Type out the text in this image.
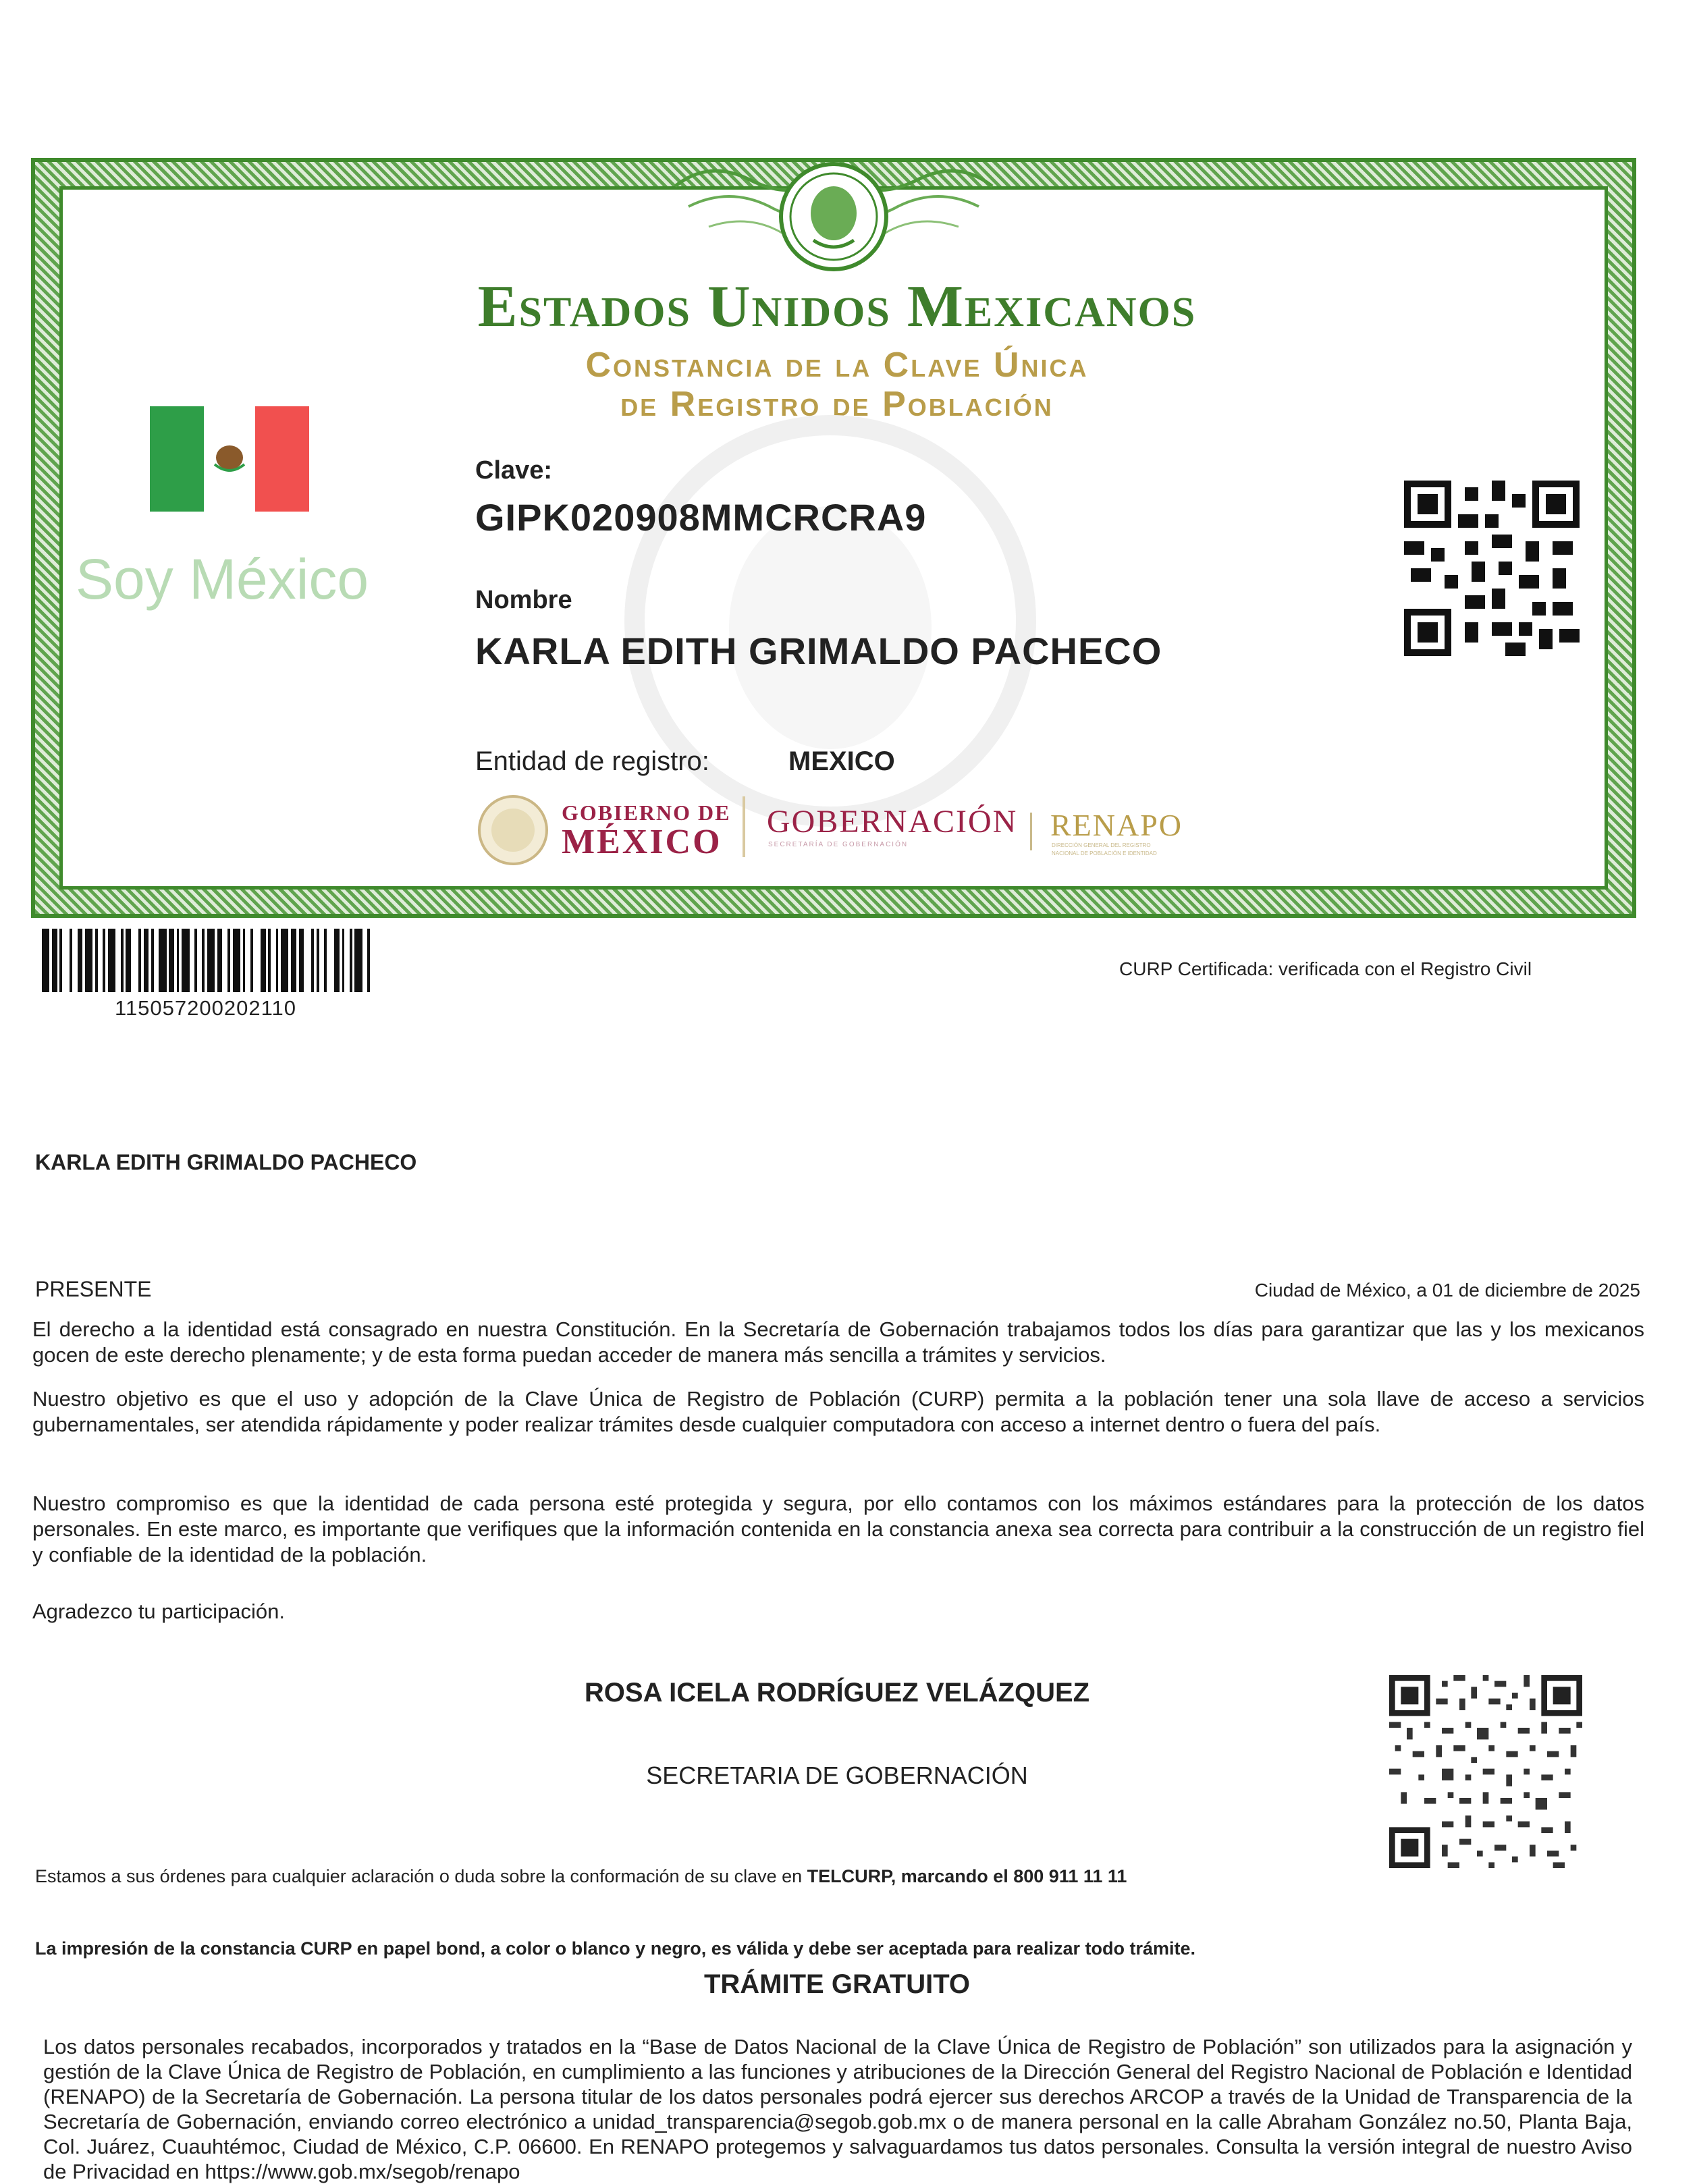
Estados Unidos Mexicanos
Constancia de la Clave Única
de Registro de Población
Soy México
Clave:
GIPK020908MMCRCRA9
Nombre
KARLA EDITH GRIMALDO PACHECO
Entidad de registro:	MEXICO
GOBIERNO DE
MÉXICO
GOBERNACIÓN
SECRETARÍA DE GOBERNACIÓN
RENAPO
DIRECCIÓN GENERAL DEL REGISTRO
NACIONAL DE POBLACIÓN E IDENTIDAD
115057200202110
CURP Certificada: verificada con el Registro Civil
KARLA EDITH GRIMALDO PACHECO
PRESENTE	Ciudad de México, a 01 de diciembre de 2025
El derecho a la identidad está consagrado en nuestra Constitución. En la Secretaría de Gobernación trabajamos todos los días para garantizar que las y los mexicanos gocen de este derecho plenamente; y de esta forma puedan acceder de manera más sencilla a trámites y servicios.
Nuestro objetivo es que el uso y adopción de la Clave Única de Registro de Población (CURP) permita a la población tener una sola llave de acceso a servicios gubernamentales, ser atendida rápidamente y poder realizar trámites desde cualquier computadora con acceso a internet dentro o fuera del país.
Nuestro compromiso es que la identidad de cada persona esté protegida y segura, por ello contamos con los máximos estándares para la protección de los datos personales. En este marco, es importante que verifiques que la información contenida en la constancia anexa sea correcta para contribuir a la construcción de un registro fiel y confiable de la identidad de la población.
Agradezco tu participación.
ROSA ICELA RODRÍGUEZ VELÁZQUEZ
SECRETARIA DE GOBERNACIÓN
Estamos a sus órdenes para cualquier aclaración o duda sobre la conformación de su clave en TELCURP, marcando el 800 911 11 11
La impresión de la constancia CURP en papel bond, a color o blanco y negro, es válida y debe ser aceptada para realizar todo trámite.
TRÁMITE GRATUITO
Los datos personales recabados, incorporados y tratados en la “Base de Datos Nacional de la Clave Única de Registro de Población” son utilizados para la asignación y gestión de la Clave Única de Registro de Población, en cumplimiento a las funciones y atribuciones de la Dirección General del Registro Nacional de Población e Identidad (RENAPO) de la Secretaría de Gobernación. La persona titular de los datos personales podrá ejercer sus derechos ARCOP a través de la Unidad de Transparencia de la Secretaría de Gobernación, enviando correo electrónico a unidad_transparencia@segob.gob.mx o de manera personal en la calle Abraham González no.50, Planta Baja, Col. Juárez, Cuauhtémoc, Ciudad de México, C.P. 06600. En RENAPO protegemos y salvaguardamos tus datos personales. Consulta la versión integral de nuestro Aviso de Privacidad en https://www.gob.mx/segob/renapo
